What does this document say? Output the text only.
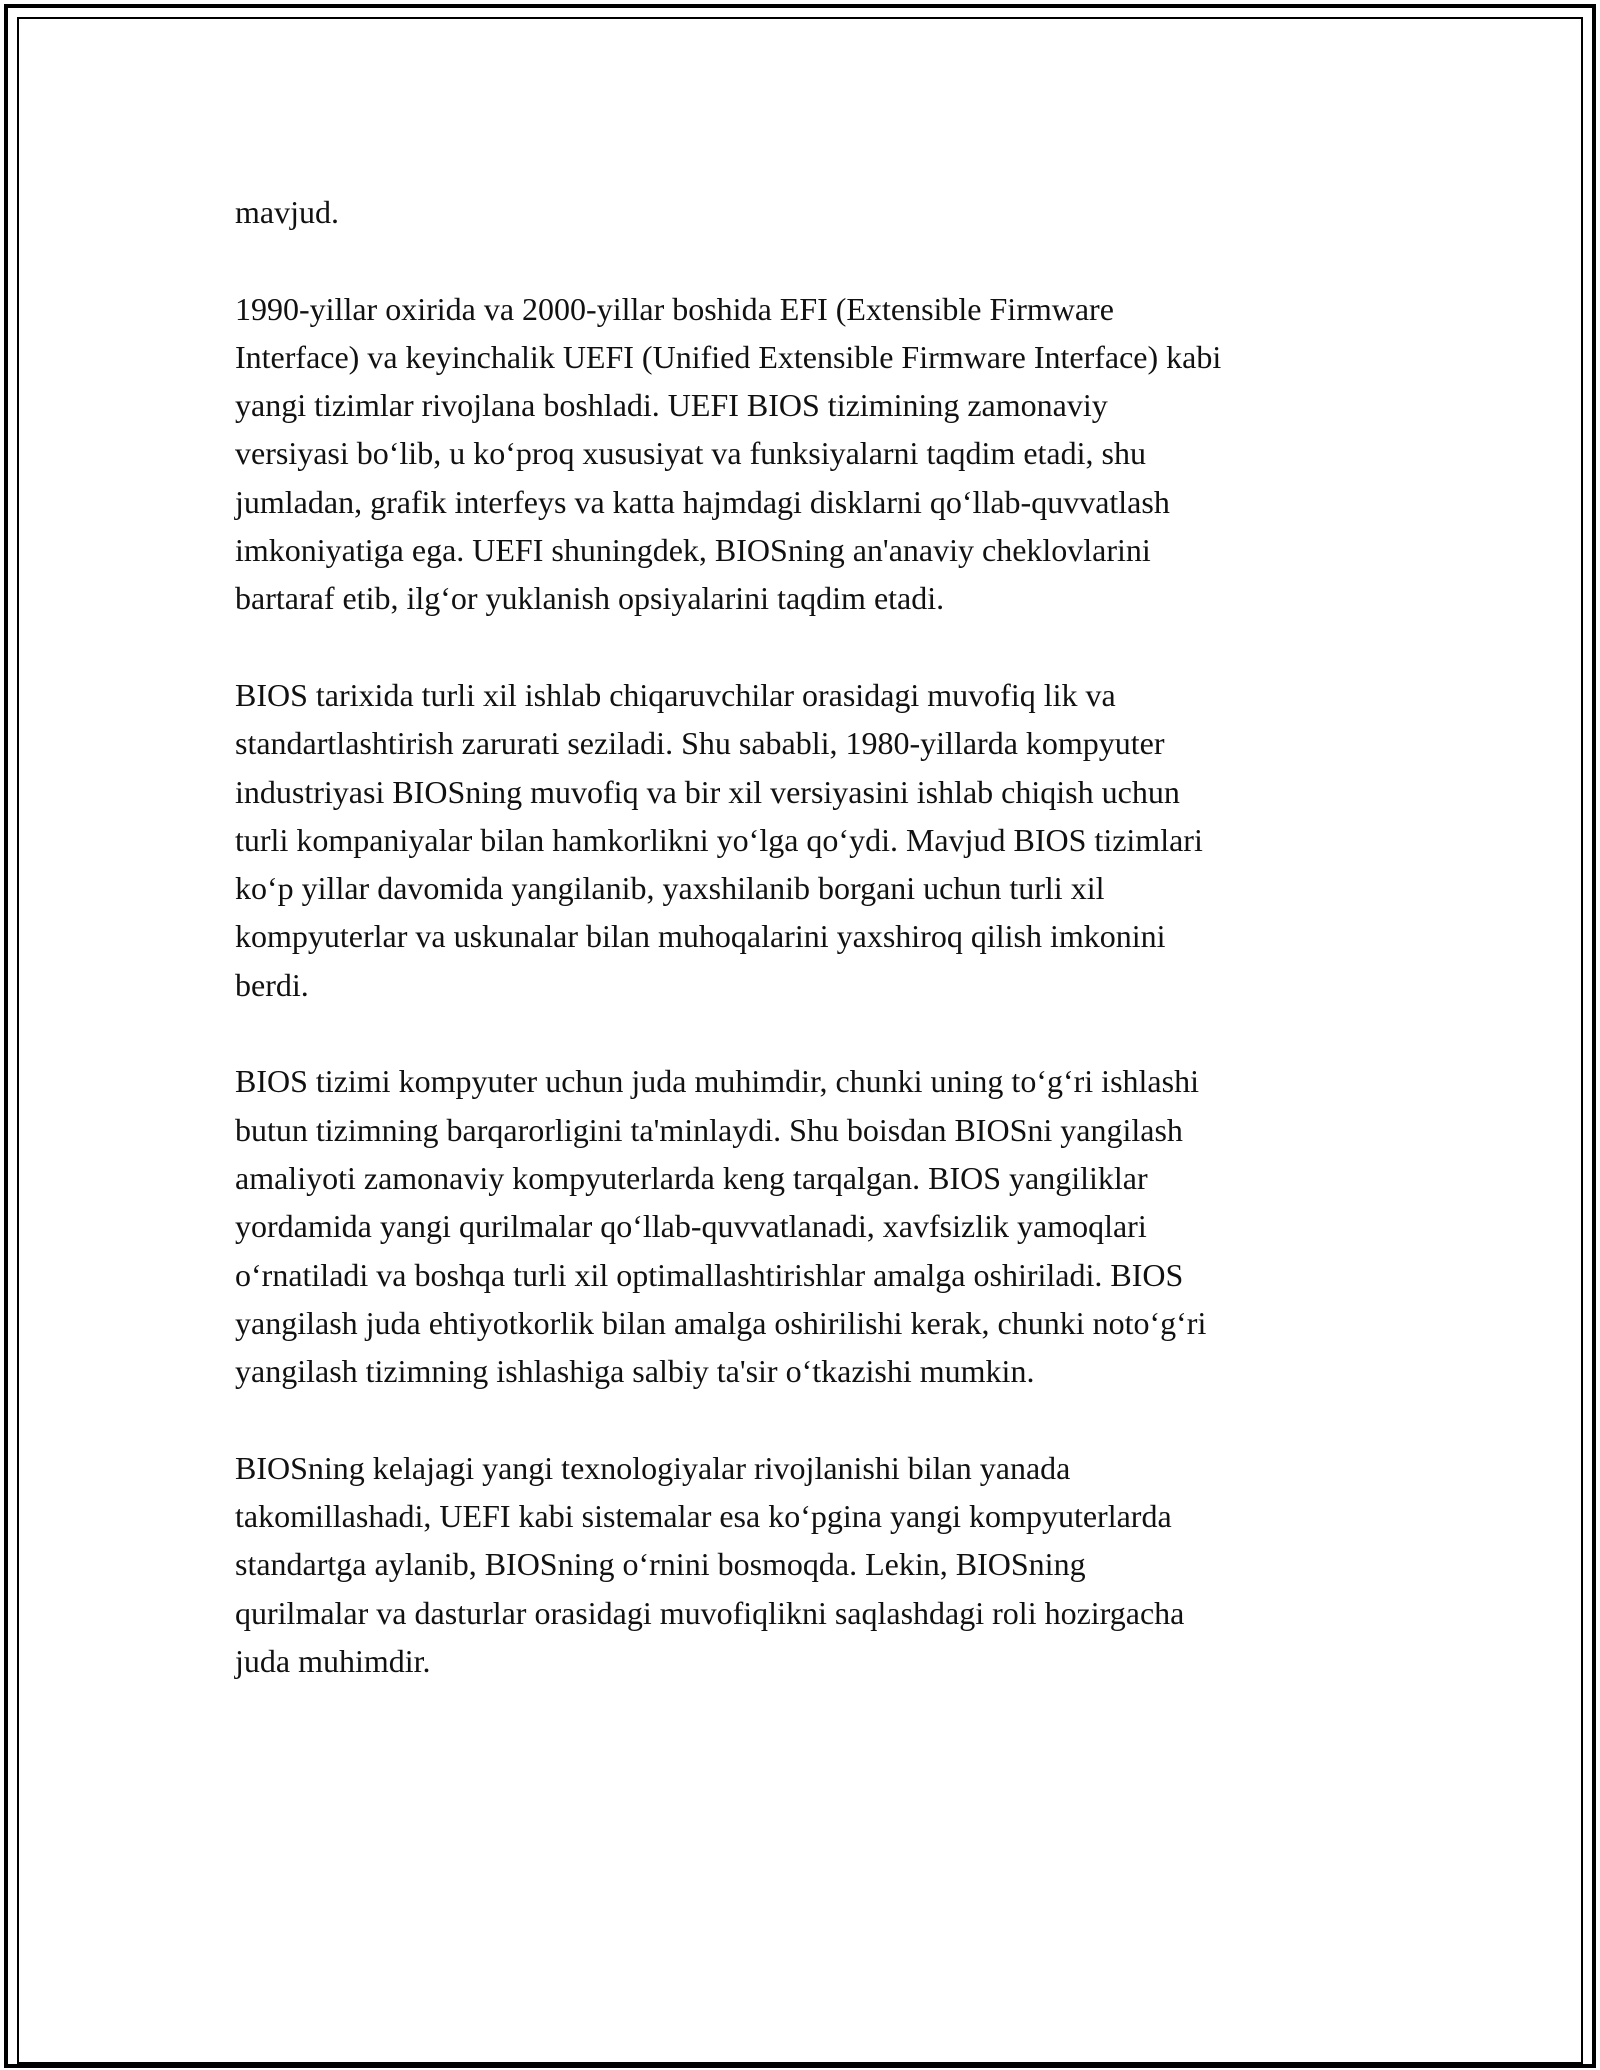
mavjud.

1990-yillar oxirida va 2000-yillar boshida EFI (Extensible Firmware
Interface) va keyinchalik UEFI (Unified Extensible Firmware Interface) kabi
yangi tizimlar rivojlana boshladi. UEFI BIOS tizimining zamonaviy
versiyasi bo‘lib, u ko‘proq xususiyat va funksiyalarni taqdim etadi, shu
jumladan, grafik interfeys va katta hajmdagi disklarni qo‘llab-quvvatlash
imkoniyatiga ega. UEFI shuningdek, BIOSning an'anaviy cheklovlarini
bartaraf etib, ilg‘or yuklanish opsiyalarini taqdim etadi.

BIOS tarixida turli xil ishlab chiqaruvchilar orasidagi muvofiq lik va
standartlashtirish zarurati seziladi. Shu sababli, 1980-yillarda kompyuter
industriyasi BIOSning muvofiq va bir xil versiyasini ishlab chiqish uchun
turli kompaniyalar bilan hamkorlikni yo‘lga qo‘ydi. Mavjud BIOS tizimlari
ko‘p yillar davomida yangilanib, yaxshilanib borgani uchun turli xil
kompyuterlar va uskunalar bilan muhoqalarini yaxshiroq qilish imkonini
berdi.

BIOS tizimi kompyuter uchun juda muhimdir, chunki uning to‘g‘ri ishlashi
butun tizimning barqarorligini ta'minlaydi. Shu boisdan BIOSni yangilash
amaliyoti zamonaviy kompyuterlarda keng tarqalgan. BIOS yangiliklar
yordamida yangi qurilmalar qo‘llab-quvvatlanadi, xavfsizlik yamoqlari
o‘rnatiladi va boshqa turli xil optimallashtirishlar amalga oshiriladi. BIOS
yangilash juda ehtiyotkorlik bilan amalga oshirilishi kerak, chunki noto‘g‘ri
yangilash tizimning ishlashiga salbiy ta'sir o‘tkazishi mumkin.

BIOSning kelajagi yangi texnologiyalar rivojlanishi bilan yanada
takomillashadi, UEFI kabi sistemalar esa ko‘pgina yangi kompyuterlarda
standartga aylanib, BIOSning o‘rnini bosmoqda. Lekin, BIOSning
qurilmalar va dasturlar orasidagi muvofiqlikni saqlashdagi roli hozirgacha
juda muhimdir.
